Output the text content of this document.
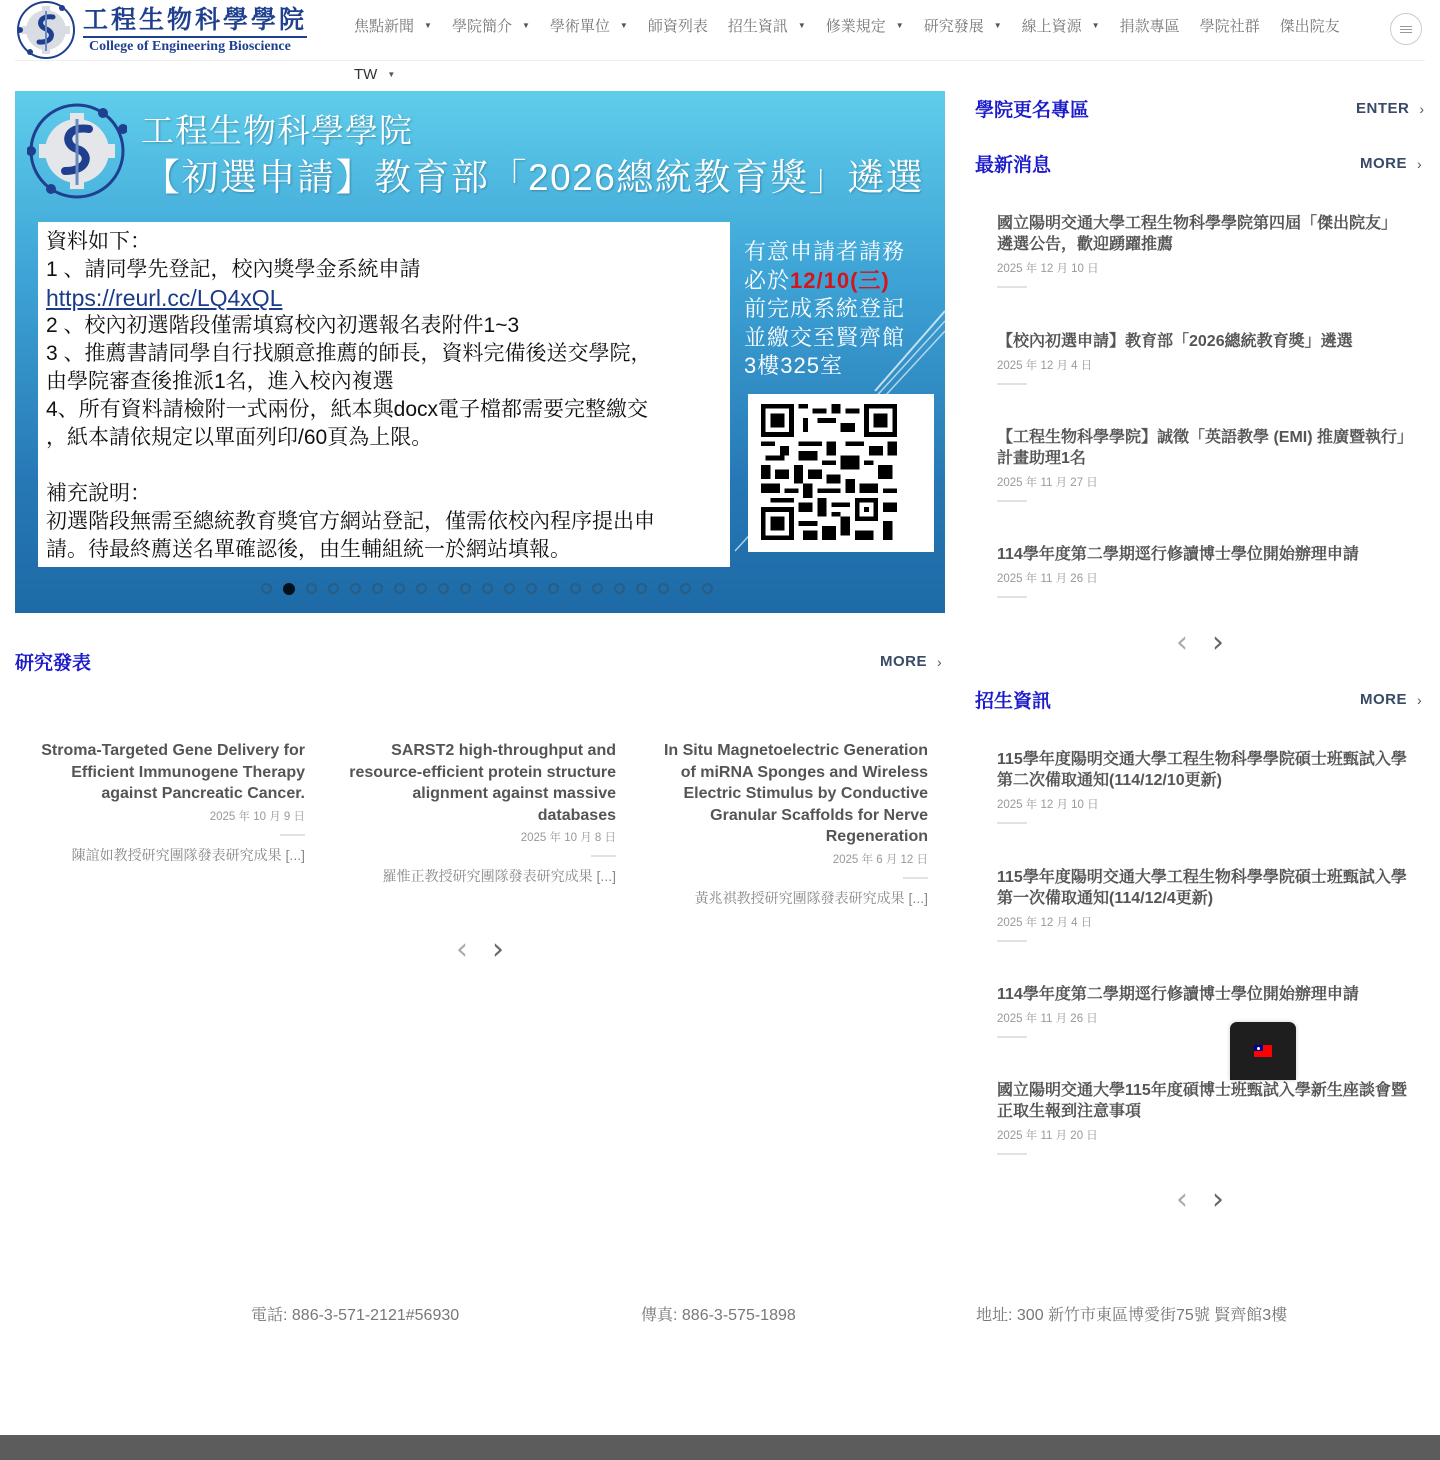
工程生物科學學院
College of Engineering Bioscience
焦點新聞 ▼ 學院簡介 ▼ 學術單位 ▼ 師資列表 招生資訊 ▼ 修業規定 ▼ 研究發展 ▼ 線上資源 ▼ 捐款專區 學院社群 傑出院友
TW ▼
工程生物科學學院
【初選申請】教育部「2026總統教育獎」遴選
資料如下：
1 、請同學先登記，校內獎學金系統申請
https://reurl.cc/LQ4xQL
2 、校內初選階段僅需填寫校內初選報名表附件1~3
3 、推薦書請同學自行找願意推薦的師長，資料完備後送交學院，
由學院審查後推派1名，進入校內複選
4、所有資料請檢附一式兩份，紙本與docx電子檔都需要完整繳交
，紙本請依規定以單面列印/60頁為上限。
補充說明：
初選階段無需至總統教育獎官方網站登記，僅需依校內程序提出申
請。待最終薦送名單確認後，由生輔組統一於網站填報。
有意申請者請務
必於12/10(三)
前完成系統登記
並繳交至賢齊館
3樓325室
學院更名專區	ENTER ›
最新消息	MORE ›
國立陽明交通大學工程生物科學學院第四屆「傑出院友」遴選公告，歡迎踴躍推薦
2025 年 12 月 10 日
【校內初選申請】教育部「2026總統教育獎」遴選
2025 年 12 月 4 日
【工程生物科學學院】誠徵「英語教學 (EMI) 推廣暨執行」計畫助理1名
2025 年 11 月 27 日
114學年度第二學期逕行修讀博士學位開始辦理申請
2025 年 11 月 26 日
‹ ›
招生資訊	MORE ›
115學年度陽明交通大學工程生物科學學院碩士班甄試入學第二次備取通知(114/12/10更新)
2025 年 12 月 10 日
115學年度陽明交通大學工程生物科學學院碩士班甄試入學第一次備取通知(114/12/4更新)
2025 年 12 月 4 日
114學年度第二學期逕行修讀博士學位開始辦理申請
2025 年 11 月 26 日
國立陽明交通大學115年度碩博士班甄試入學新生座談會暨正取生報到注意事項
2025 年 11 月 20 日
‹ ›
研究發表	MORE ›
Stroma-Targeted Gene Delivery for Efficient Immunogene Therapy against Pancreatic Cancer.
2025 年 10 月 9 日
陳誼如教授研究團隊發表研究成果 [...]
SARST2 high-throughput and resource-efficient protein structure alignment against massive databases
2025 年 10 月 8 日
羅惟正教授研究團隊發表研究成果 [...]
In Situ Magnetoelectric Generation of miRNA Sponges and Wireless Electric Stimulus by Conductive Granular Scaffolds for Nerve Regeneration
2025 年 6 月 12 日
黃兆祺教授研究團隊發表研究成果 [...]
‹ ›
電話: 886-3-571-2121#56930	傳真: 886-3-575-1898	地址: 300 新竹市東區博愛街75號 賢齊館3樓
